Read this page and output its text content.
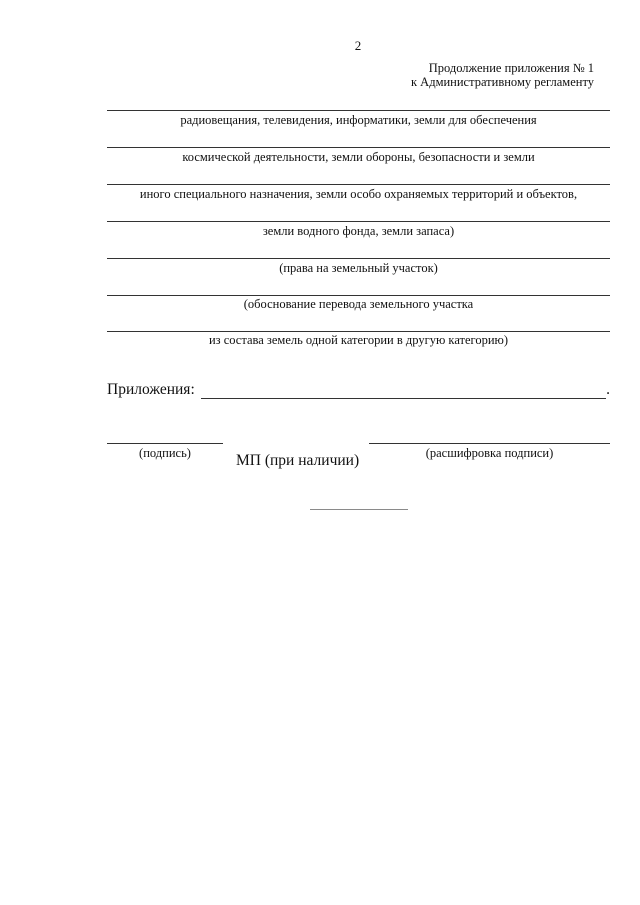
2
Продолжение приложения № 1
к Административному регламенту
радиовещания, телевидения, информатики, земли для обеспечения
космической деятельности, земли обороны, безопасности и земли
иного специального назначения, земли особо охраняемых территорий и объектов,
земли водного фонда, земли запаса)
(права на земельный участок)
(обоснование перевода земельного участка
из состава земель одной категории в другую категорию)
Приложения:	.
(подпись)	МП (при наличии)	(расшифровка подписи)
